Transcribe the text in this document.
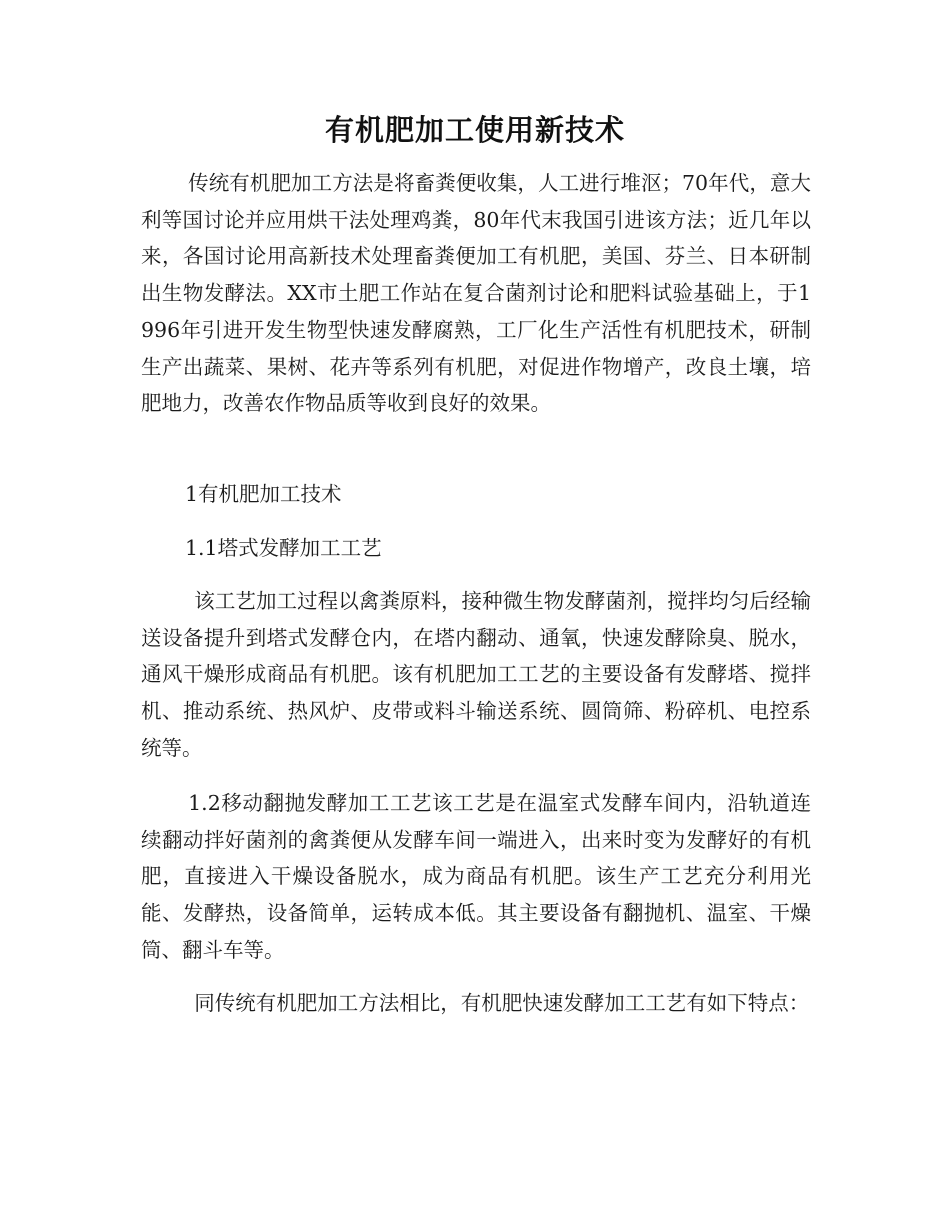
有机肥加工使用新技术

传统有机肥加工方法是将畜粪便收集，人工进行堆沤；70年代，意大利等国讨论并应用烘干法处理鸡粪，80年代末我国引进该方法；近几年以来，各国讨论用高新技术处理畜粪便加工有机肥，美国、芬兰、日本研制出生物发酵法。XX市土肥工作站在复合菌剂讨论和肥料试验基础上，于1996年引进开发生物型快速发酵腐熟，工厂化生产活性有机肥技术，研制生产出蔬菜、果树、花卉等系列有机肥，对促进作物增产，改良土壤，培肥地力，改善农作物品质等收到良好的效果。

1有机肥加工技术

1.1塔式发酵加工工艺

该工艺加工过程以禽粪原料，接种微生物发酵菌剂，搅拌均匀后经输送设备提升到塔式发酵仓内，在塔内翻动、通氧，快速发酵除臭、脱水，通风干燥形成商品有机肥。该有机肥加工工艺的主要设备有发酵塔、搅拌机、推动系统、热风炉、皮带或料斗输送系统、圆筒筛、粉碎机、电控系统等。

1.2移动翻抛发酵加工工艺该工艺是在温室式发酵车间内，沿轨道连续翻动拌好菌剂的禽粪便从发酵车间一端进入，出来时变为发酵好的有机肥，直接进入干燥设备脱水，成为商品有机肥。该生产工艺充分利用光能、发酵热，设备简单，运转成本低。其主要设备有翻抛机、温室、干燥筒、翻斗车等。

同传统有机肥加工方法相比，有机肥快速发酵加工工艺有如下特点：
